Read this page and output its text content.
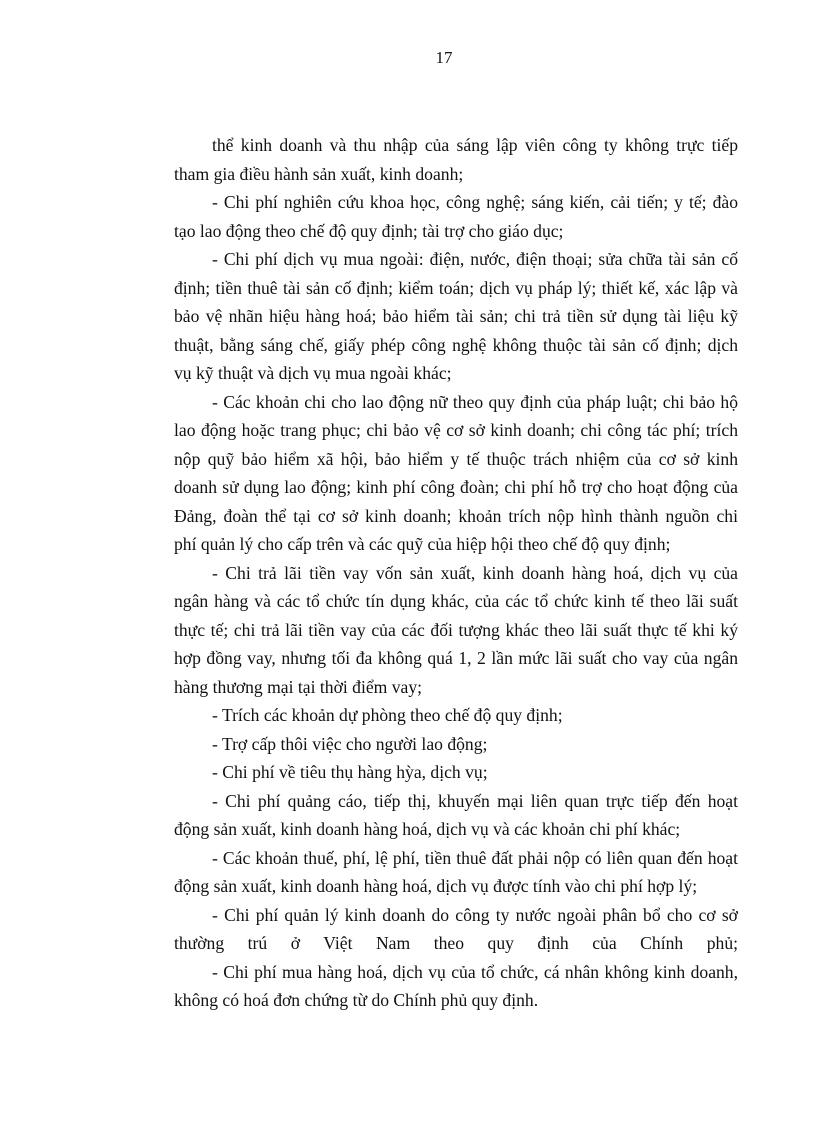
17
thể kinh doanh và thu nhập của sáng lập viên công ty không trực tiếp
tham gia điều hành sản xuất, kinh doanh;
- Chi phí nghiên cứu khoa học, công nghệ; sáng kiến, cải tiến; y tế; đào
tạo lao động theo chế độ quy định; tài trợ cho giáo dục;
- Chi phí dịch vụ mua ngoài: điện, nước, điện thoại; sửa chữa tài sản cố
định; tiền thuê tài sản cố định; kiểm toán; dịch vụ pháp lý; thiết kế, xác lập và
bảo vệ nhãn hiệu hàng hoá; bảo hiểm tài sản; chi trả tiền sử dụng tài liệu kỹ
thuật, bằng sáng chế, giấy phép công nghệ không thuộc tài sản cố định; dịch
vụ kỹ thuật và dịch vụ mua ngoài khác;
- Các khoản chi cho lao động nữ theo quy định của pháp luật; chi bảo hộ
lao động hoặc trang phục; chi bảo vệ cơ sở kinh doanh; chi công tác phí; trích
nộp quỹ bảo hiểm xã hội, bảo hiểm y tế thuộc trách nhiệm của cơ sở kinh
doanh sử dụng lao động; kinh phí công đoàn; chi phí hỗ trợ cho hoạt động của
Đảng, đoàn thể tại cơ sở kinh doanh; khoản trích nộp hình thành nguồn chi
phí quản lý cho cấp trên và các quỹ của hiệp hội theo chế độ quy định;
- Chi trả lãi tiền vay vốn sản xuất, kinh doanh hàng hoá, dịch vụ của
ngân hàng và các tổ chức tín dụng khác, của các tổ chức kinh tế theo lãi suất
thực tế; chi trả lãi tiền vay của các đối tượng khác theo lãi suất thực tế khi ký
hợp đồng vay, nhưng tối đa không quá 1, 2 lần mức lãi suất cho vay của ngân
hàng thương mại tại thời điểm vay;
- Trích các khoản dự phòng theo chế độ quy định;
- Trợ cấp thôi việc cho người lao động;
- Chi phí về tiêu thụ hàng hỳa, dịch vụ;
- Chi phí quảng cáo, tiếp thị, khuyến mại liên quan trực tiếp đến hoạt
động sản xuất, kinh doanh hàng hoá, dịch vụ và các khoản chi phí khác;
- Các khoản thuế, phí, lệ phí, tiền thuê đất phải nộp có liên quan đến hoạt
động sản xuất, kinh doanh hàng hoá, dịch vụ được tính vào chi phí hợp lý;
- Chi phí quản lý kinh doanh do công ty nước ngoài phân bổ cho cơ sở
thường trú ở Việt Nam theo quy định của Chính phủ;
- Chi phí mua hàng hoá, dịch vụ của tổ chức, cá nhân không kinh doanh,
không có hoá đơn chứng từ do Chính phủ quy định.
